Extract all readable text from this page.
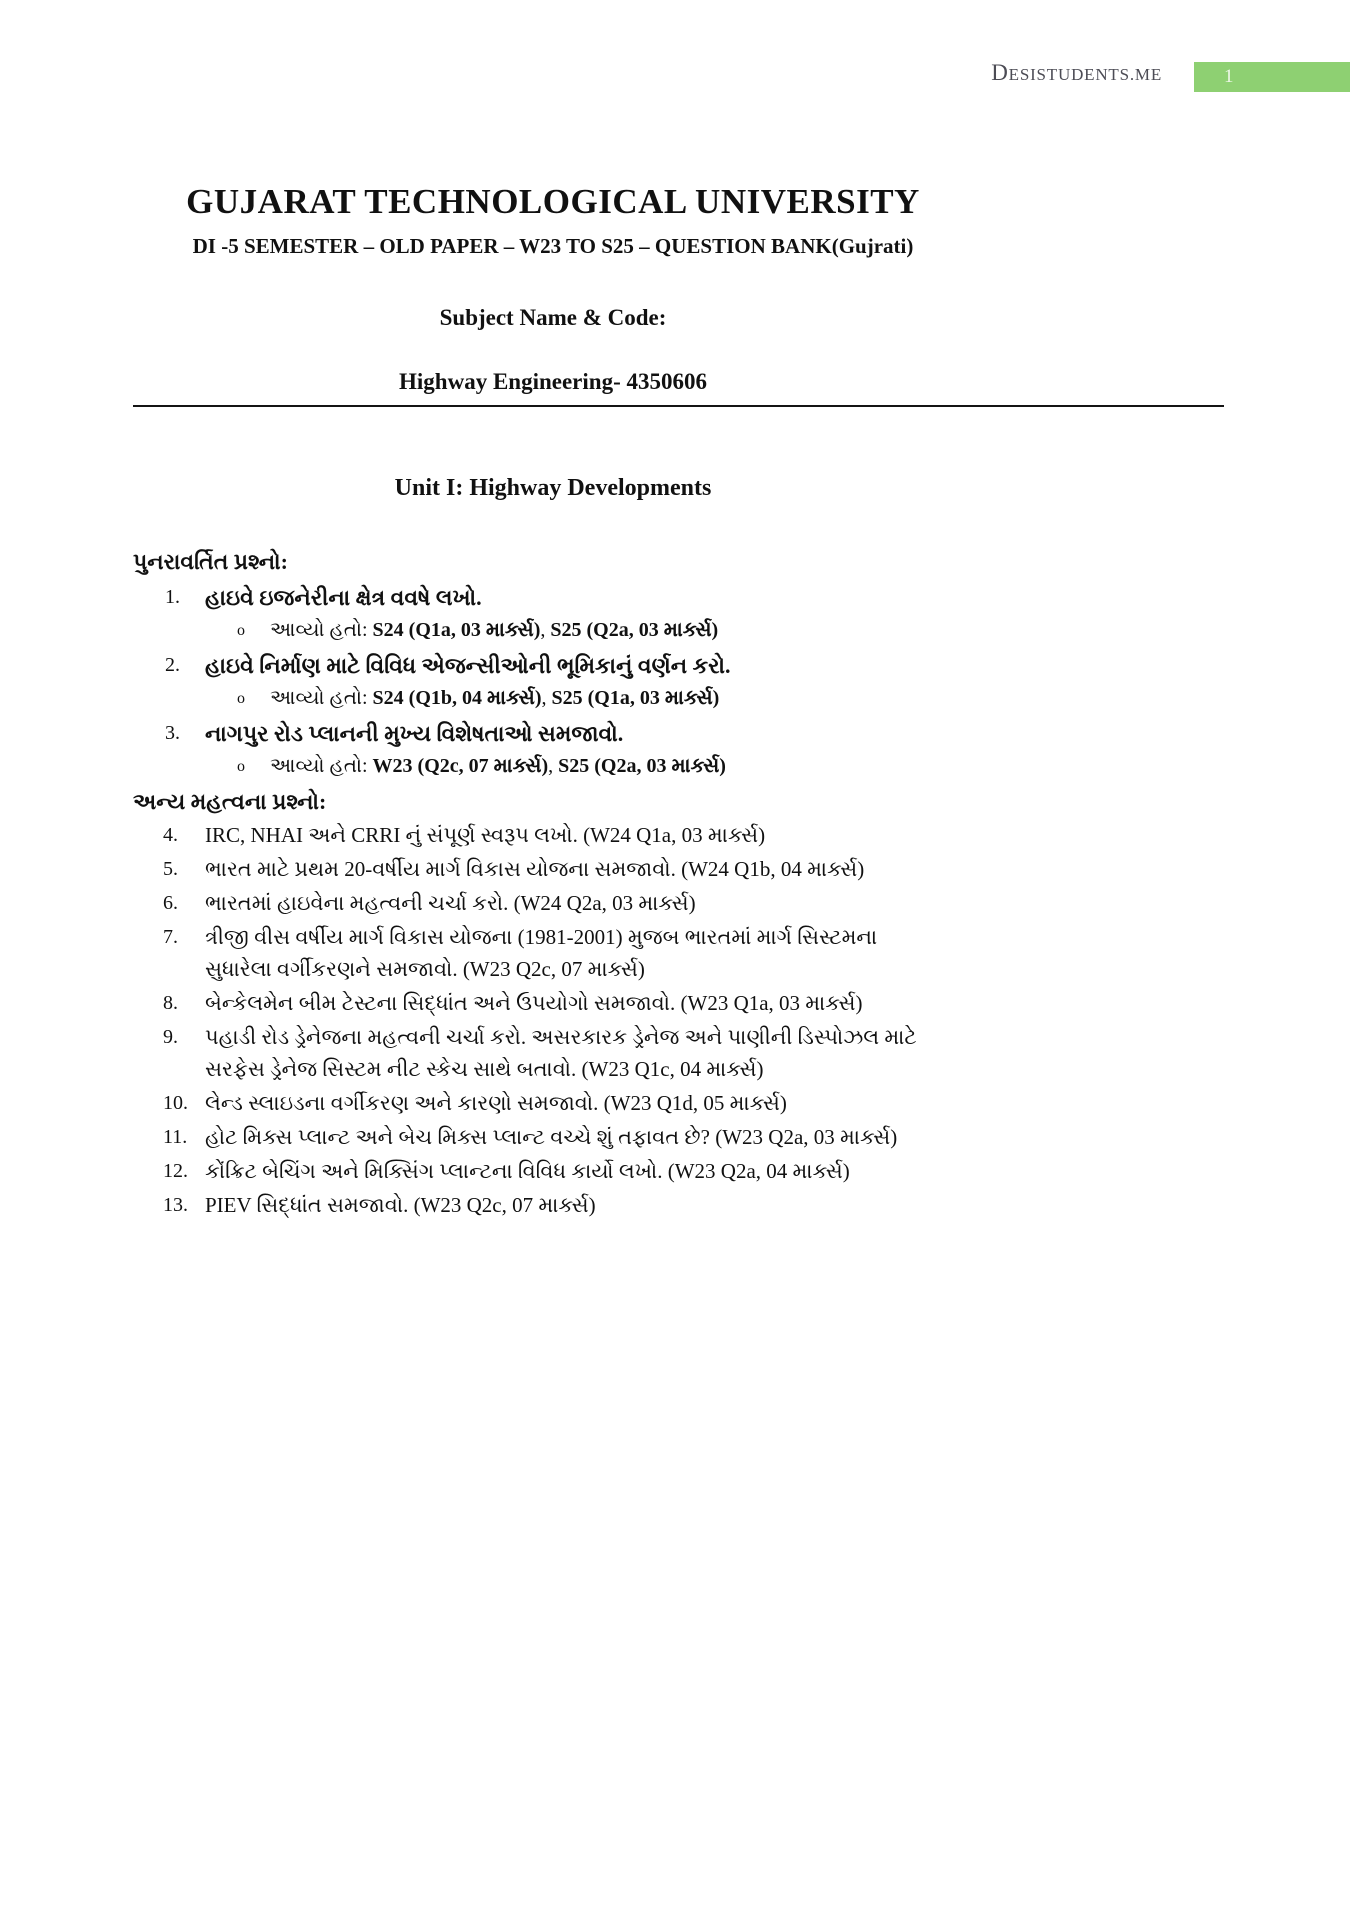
DESISTUDENTS.ME	1
GUJARAT TECHNOLOGICAL UNIVERSITY
DI -5 SEMESTER – OLD PAPER – W23 TO S25 – QUESTION BANK(Gujrati)
Subject Name & Code:
Highway Engineering- 4350606
Unit I: Highway Developments
પુનરાવર્તિત પ્રશ્નો:
1.	હાઇવે ઇજનેરીના ક્ષેત્ર વવષે લખો.
o	આવ્યો હતો: S24 (Q1a, 03 માર્ક્સ), S25 (Q2a, 03 માર્ક્સ)
2.	હાઇવે નિર્માણ માટે વિવિધ એજન્સીઓની ભૂમિકાનું વર્ણન કરો.
o	આવ્યો હતો: S24 (Q1b, 04 માર્ક્સ), S25 (Q1a, 03 માર્ક્સ)
3.	નાગપુર રોડ પ્લાનની મુખ્ય વિશેષતાઓ સમજાવો.
o	આવ્યો હતો: W23 (Q2c, 07 માર્ક્સ), S25 (Q2a, 03 માર્ક્સ)
અન્ય મહત્વના પ્રશ્નો:
4.	IRC, NHAI અને CRRI નું સંપૂર્ણ સ્વરૂપ લખો. (W24 Q1a, 03 માર્ક્સ)
5.	ભારત માટે પ્રથમ 20-વર્ષીય માર્ગ વિકાસ યોજના સમજાવો. (W24 Q1b, 04 માર્ક્સ)
6.	ભારતમાં હાઇવેના મહત્વની ચર્ચા કરો. (W24 Q2a, 03 માર્ક્સ)
7.	ત્રીજી વીસ વર્ષીય માર્ગ વિકાસ યોજના (1981-2001) મુજબ ભારતમાં માર્ગ સિસ્ટમના સુધારેલા વર્ગીકરણને સમજાવો. (W23 Q2c, 07 માર્ક્સ)
8.	બેન્કેલમેન બીમ ટેસ્ટના સિદ્ધાંત અને ઉપયોગો સમજાવો. (W23 Q1a, 03 માર્ક્સ)
9.	પહાડી રોડ ડ્રેનેજના મહત્વની ચર્ચા કરો. અસરકારક ડ્રેનેજ અને પાણીની ડિસ્પોઝલ માટે સરફેસ ડ્રેનેજ સિસ્ટમ નીટ સ્કેચ સાથે બતાવો. (W23 Q1c, 04 માર્ક્સ)
10. લેન્ડ સ્લાઇડના વર્ગીકરણ અને કારણો સમજાવો. (W23 Q1d, 05 માર્ક્સ)
11. હોટ મિક્સ પ્લાન્ટ અને બેચ મિક્સ પ્લાન્ટ વચ્ચે શું તફાવત છે? (W23 Q2a, 03 માર્ક્સ)
12. કોંક્રિટ બેચિંગ અને મિક્સિંગ પ્લાન્ટના વિવિધ કાર્યો લખો. (W23 Q2a, 04 માર્ક્સ)
13. PIEV સિદ્ધાંત સમજાવો. (W23 Q2c, 07 માર્ક્સ)
